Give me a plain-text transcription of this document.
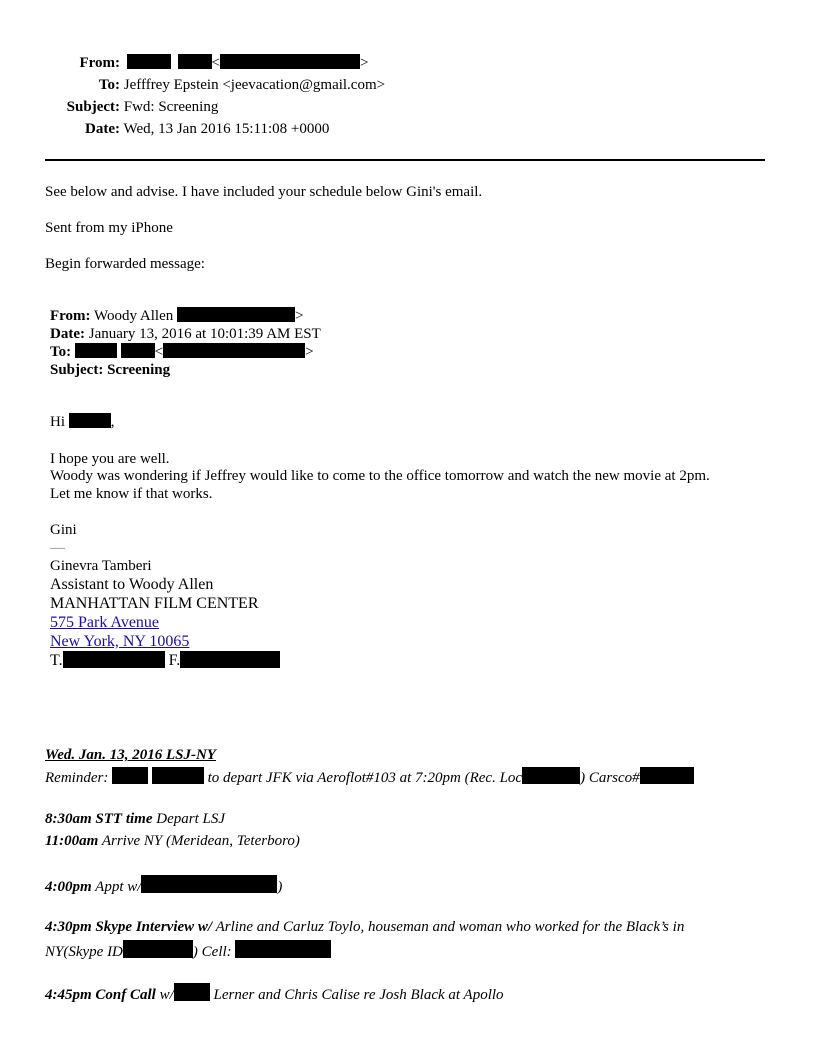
From:	<	>
To: Jefffrey Epstein <jeevacation@gmail.com>
Subject: Fwd: Screening
Date: Wed, 13 Jan 2016 15:11:08 +0000
See below and advise. I have included your schedule below Gini's email.
Sent from my iPhone
Begin forwarded message:
From: Woody Allen	>
Date: January 13, 2016 at 10:01:39 AM EST
To:	<	>
Subject: Screening
Hi	,
I hope you are well.
Woody was wondering if Jeffrey would like to come to the office tomorrow and watch the new movie at 2pm.
Let me know if that works.
Gini
—
Ginevra Tamberi
Assistant to Woody Allen
MANHATTAN FILM CENTER
575 Park Avenue
New York, NY 10065
T.	F.
Wed. Jan. 13, 2016 LSJ-NY
Reminder:	to depart JFK via Aeroflot#103 at 7:20pm (Rec. Loc	) Carsco#
8:30am STT time Depart LSJ
11:00am Arrive NY (Meridean, Teterboro)
4:00pm Appt w/	)
4:30pm Skype Interview w/ Arline and Carluz Toylo, houseman and woman who worked for the Black’s in
NY(Skype ID	) Cell:
4:45pm Conf Call w/	Lerner and Chris Calise re Josh Black at Apollo
